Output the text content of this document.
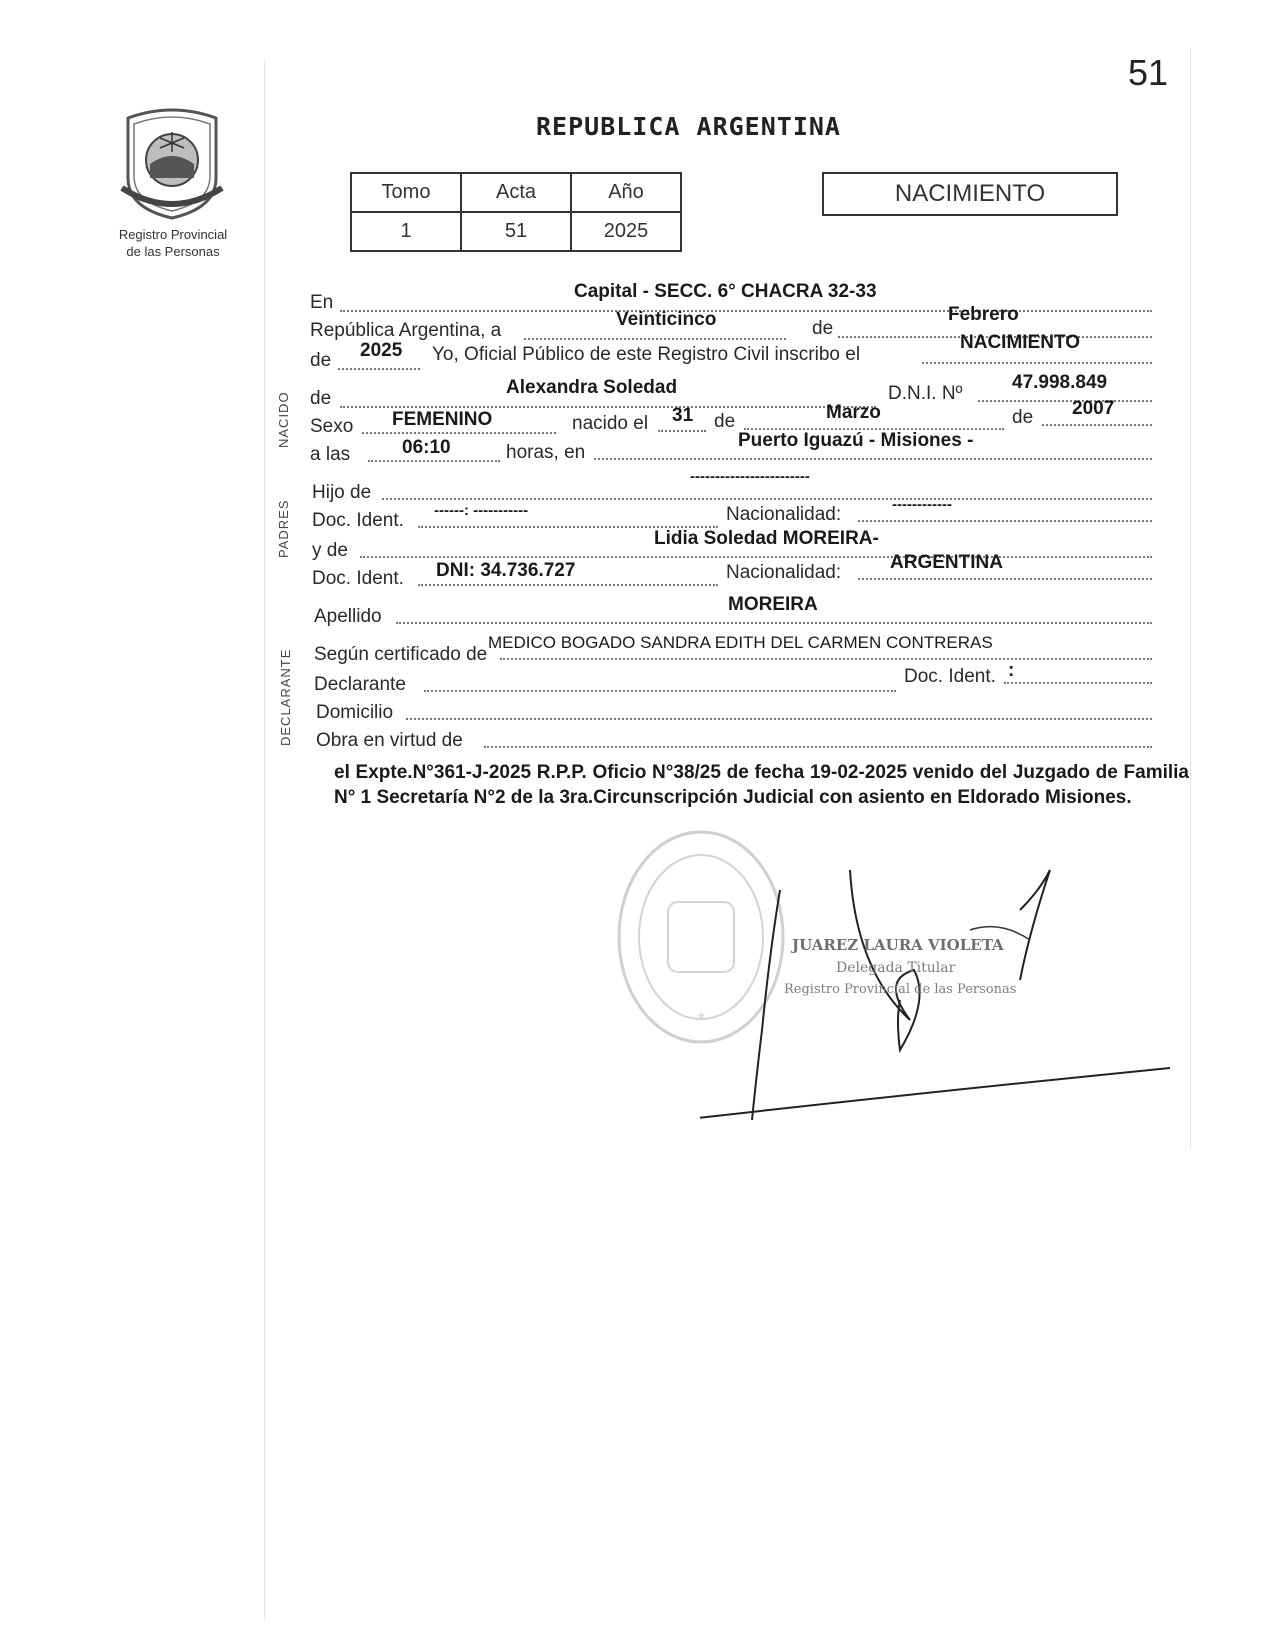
51
Registro Provincial
de las Personas
REPUBLICA ARGENTINA
Tomo	Acta	Año
1	51	2025
NACIMIENTO
NACIDO
PADRES
DECLARANTE
En
Capital - SECC. 6° CHACRA 32-33
República Argentina, a
Veinticinco	de
Febrero
de 2025 Yo, Oficial Público de este Registro Civil inscribo el
NACIMIENTO
de
Alexandra Soledad	D.N.I. Nº
47.998.849
Sexo FEMENINO	nacido el 31 de	Marzo	de 2007
a las	06:10	horas, en
Puerto Iguazú - Misiones -
Hijo de
------------------------
Doc. Ident. ------: -----------	Nacionalidad:	------------
y de
Lidia Soledad MOREIRA-
Doc. Ident. DNI: 34.736.727	Nacionalidad:	ARGENTINA
Apellido
MOREIRA
Según certificado de
MEDICO BOGADO SANDRA EDITH DEL CARMEN CONTRERAS
Declarante	Doc. Ident. :
Domicilio
Obra en virtud de
el Expte.N°361-J-2025 R.P.P. Oficio N°38/25 de fecha 19-02-2025 venido del Juzgado de Familia N° 1 Secretaría N°2 de la 3ra.Circunscripción Judicial con asiento en Eldorado Misiones.
*
JUAREZ LAURA VIOLETA
Delegada Titular
Registro Provincial de las Personas
